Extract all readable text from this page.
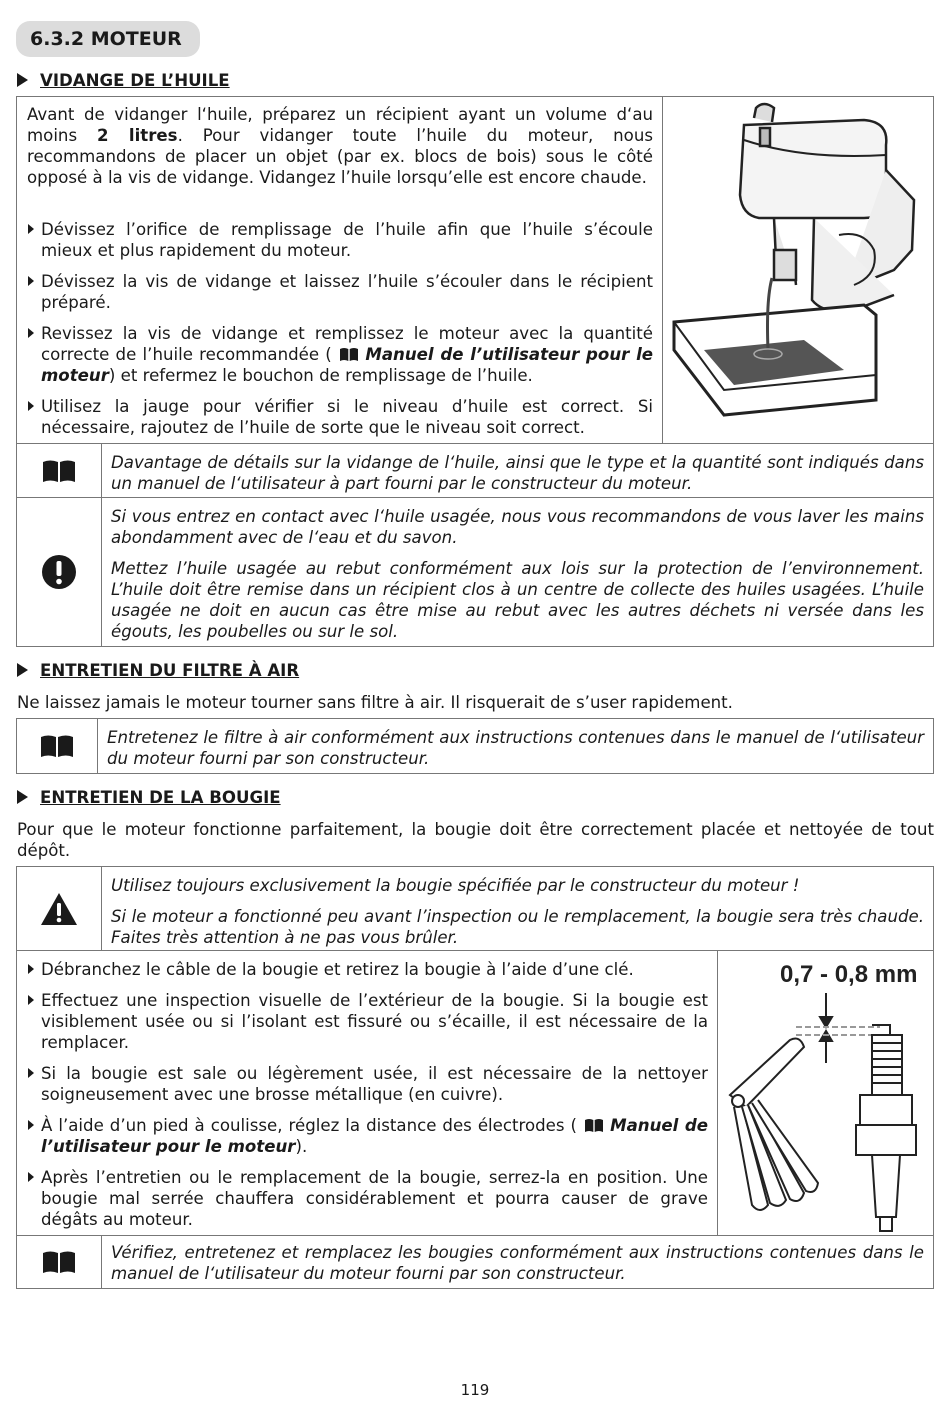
6.3.2 MOTEUR
VIDANGE DE L’HUILE
Avant de vidanger l‘huile, préparez un récipient ayant un volume d‘au moins 2 litres. Pour vidanger toute l’huile du moteur, nous recommandons de placer un objet (par ex. blocs de bois) sous le côté opposé à la vis de vidange. Vidangez l’huile lorsqu’elle est encore chaude.
Dévissez l’orifice de remplissage de l’huile afin que l’huile s’écoule mieux et plus rapidement du moteur.
Dévissez la vis de vidange et laissez l’huile s’écouler dans le récipient préparé.
Revissez la vis de vidange et remplissez le moteur avec la quantité correcte de l’huile recommandée ( Manuel de l’utilisateur pour le moteur) et refermez le bouchon de remplissage de l’huile.
Utilisez la jauge pour vérifier si le niveau d’huile est correct. Si nécessaire, rajoutez de l’huile de sorte que le niveau soit correct.
Davantage de détails sur la vidange de l‘huile, ainsi que le type et la quantité sont indiqués dans un manuel de l‘utilisateur à part fourni par le constructeur du moteur.

Si vous entrez en contact avec l‘huile usagée, nous vous recommandons de vous laver les mains abondamment avec de l‘eau et du savon.

Mettez l’huile usagée au rebut conformément aux lois sur la protection de l’environnement. L’huile doit être remise dans un récipient clos à un centre de collecte des huiles usagées. L’huile usagée ne doit en aucun cas être mise au rebut avec les autres déchets ni versée dans les égouts, les poubelles ou sur le sol.

ENTRETIEN DU FILTRE À AIR
Ne laissez jamais le moteur tourner sans filtre à air. Il risquerait de s’user rapidement.
Entretenez le filtre à air conformément aux instructions contenues dans le manuel de l‘utilisateur du moteur fourni par son constructeur.
ENTRETIEN DE LA BOUGIE
Pour que le moteur fonctionne parfaitement, la bougie doit être correctement placée et nettoyée de tout dépôt.

Utilisez toujours exclusivement la bougie spécifiée par le constructeur du moteur !

Si le moteur a fonctionné peu avant l’inspection ou le remplacement, la bougie sera très chaude. Faites très attention à ne pas vous brûler.

Débranchez le câble de la bougie et retirez la bougie à l’aide d’une clé.
Effectuez une inspection visuelle de l’extérieur de la bougie. Si la bougie est visiblement usée ou si l’isolant est fissuré ou s’écaille, il est nécessaire de la remplacer.
Si la bougie est sale ou légèrement usée, il est nécessaire de la nettoyer soigneusement avec une brosse métallique (en cuivre).
À l’aide d’un pied à coulisse, réglez la distance des électrodes ( Manuel de l’utilisateur pour le moteur).
Après l’entretien ou le remplacement de la bougie, serrez-la en position. Une bougie mal serrée chauffera considérablement et pourra causer de grave dégâts au moteur.
0,7 - 0,8 mm
Vérifiez, entretenez et remplacez les bougies conformément aux instructions contenues dans le manuel de l‘utilisateur du moteur fourni par son constructeur.
119
